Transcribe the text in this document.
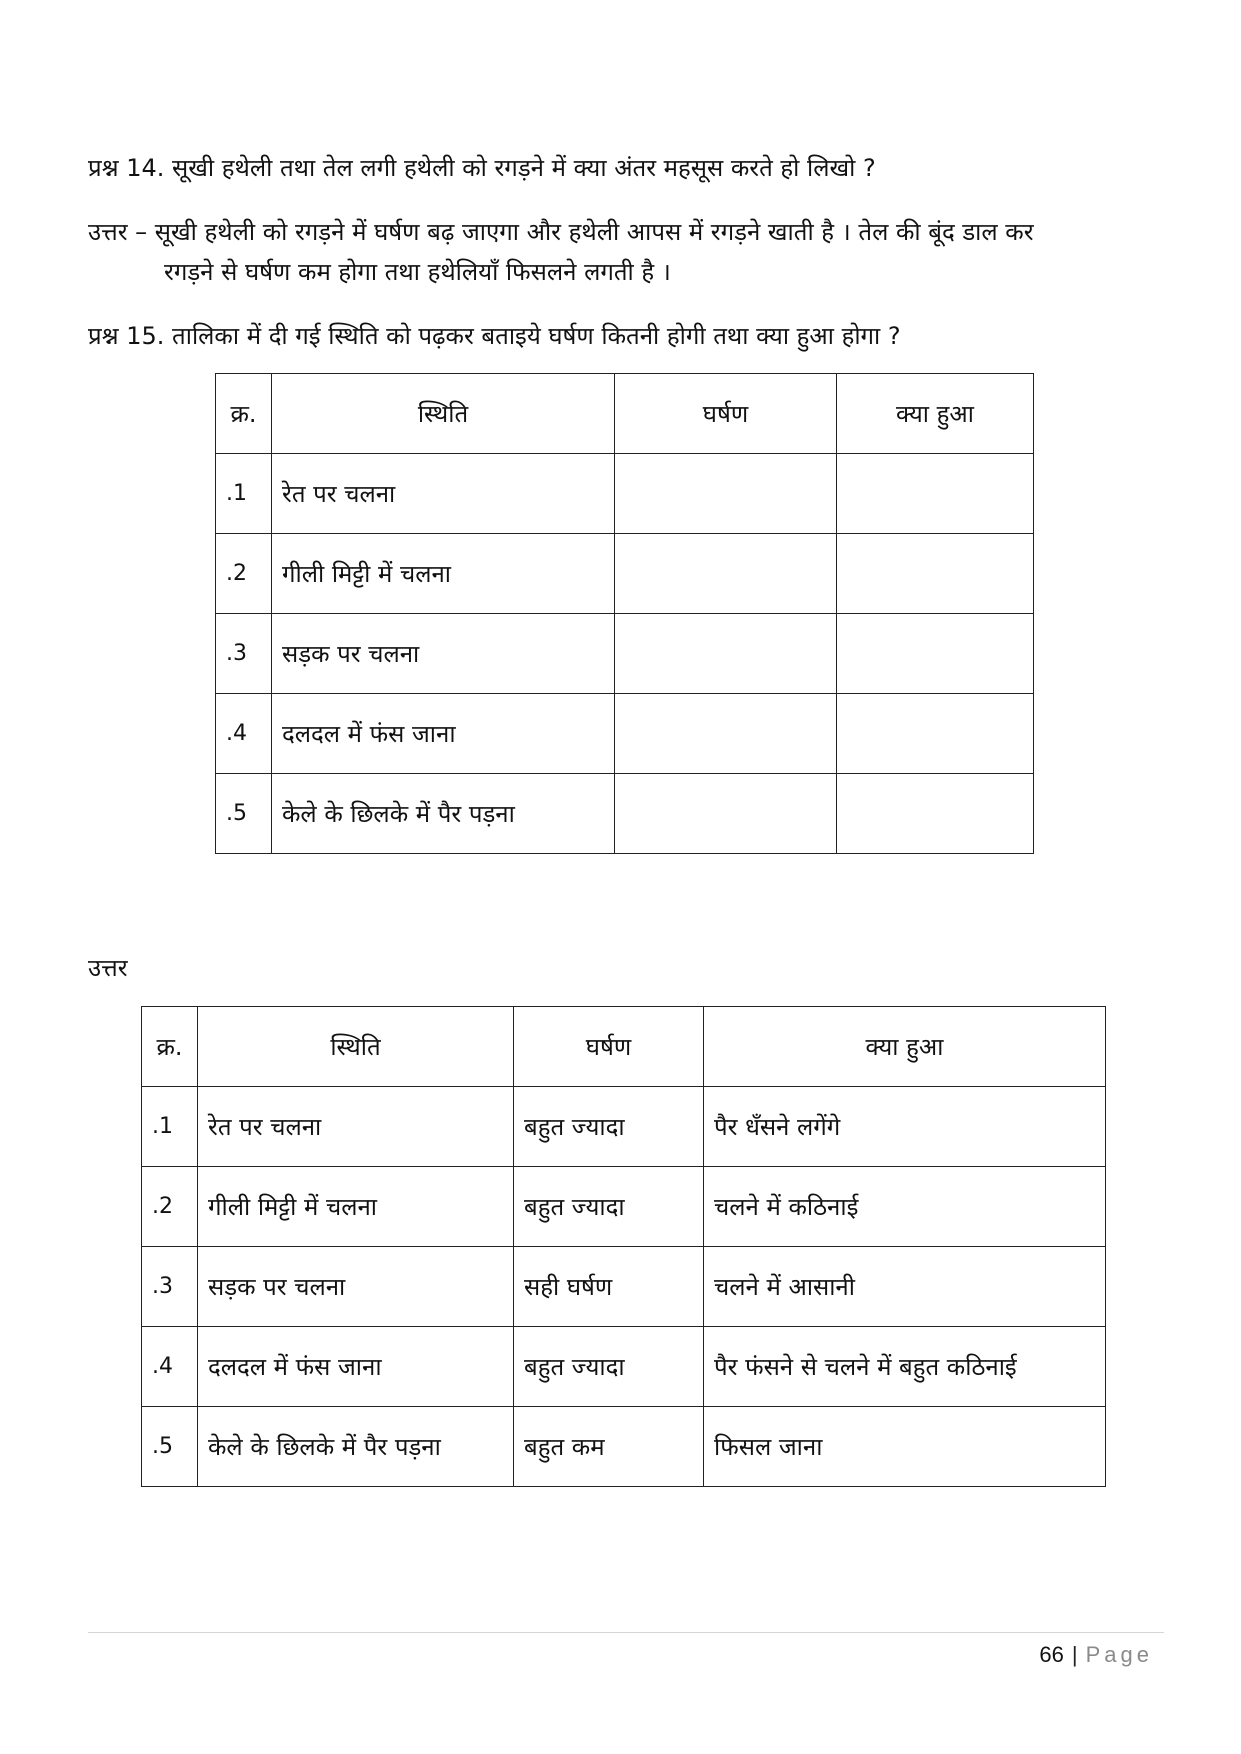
प्रश्न 14. सूखी हथेली तथा तेल लगी हथेली को रगड़ने में क्या अंतर महसूस करते हो लिखो ?
उत्तर – सूखी हथेली को रगड़ने में घर्षण बढ़ जाएगा और हथेली आपस में रगड़ने खाती है । तेल की बूंद डाल कर
रगड़ने से घर्षण कम होगा तथा हथेलियाँ फिसलने लगती है ।
प्रश्न 15. तालिका में दी गई स्थिति को पढ़कर बताइये घर्षण कितनी होगी तथा क्या हुआ होगा ?
क्र.	स्थिति	घर्षण	क्या हुआ
.1	रेत पर चलना		
.2	गीली मिट्टी में चलना		
.3	सड़क पर चलना		
.4	दलदल में फंस जाना		
.5	केले के छिलके में पैर पड़ना		
उत्तर
क्र.	स्थिति	घर्षण	क्या हुआ
.1	रेत पर चलना	बहुत ज्यादा	पैर धँसने लगेंगे
.2	गीली मिट्टी में चलना	बहुत ज्यादा	चलने में कठिनाई
.3	सड़क पर चलना	सही घर्षण	चलने में आसानी
.4	दलदल में फंस जाना	बहुत ज्यादा	पैर फंसने से चलने में बहुत कठिनाई
.5	केले के छिलके में पैर पड़ना	बहुत कम	फिसल जाना
66 | Page
